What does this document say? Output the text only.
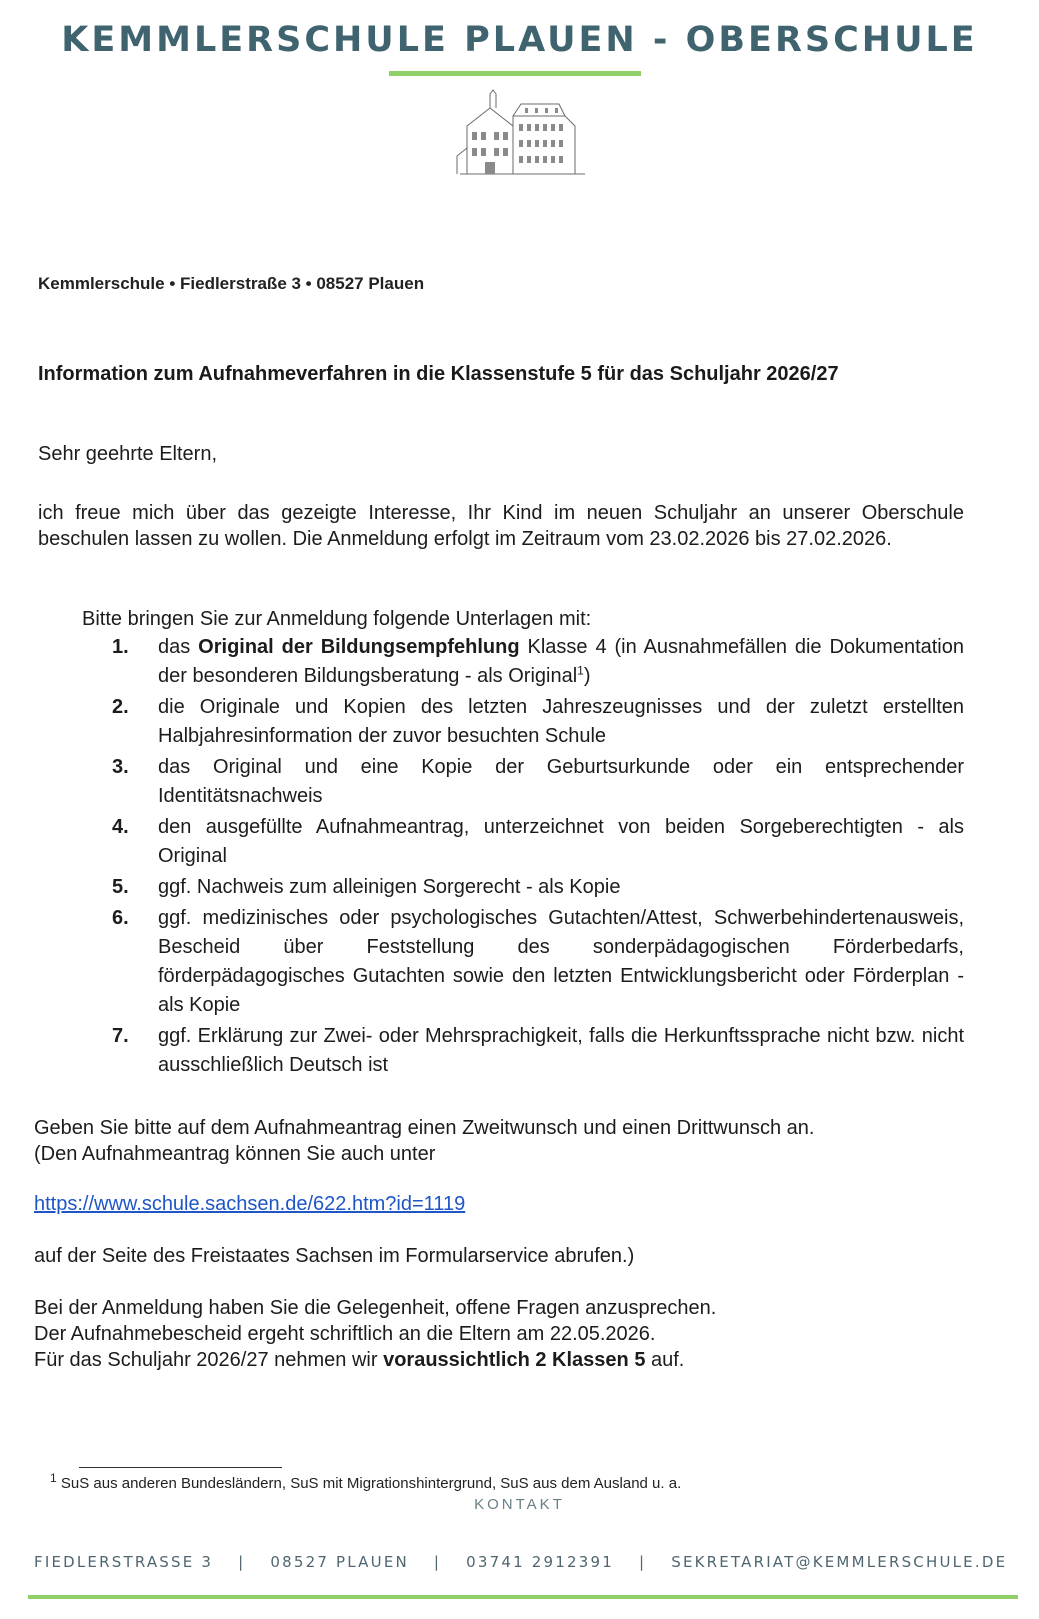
KEMMLERSCHULE PLAUEN - OBERSCHULE
Kemmlerschule • Fiedlerstraße 3 • 08527 Plauen
Information zum Aufnahmeverfahren in die Klassenstufe 5 für das Schuljahr 2026/27
Sehr geehrte Eltern,
ich freue mich über das gezeigte Interesse, Ihr Kind im neuen Schuljahr an unserer Oberschule beschulen lassen zu wollen. Die Anmeldung erfolgt im Zeitraum vom 23.02.2026 bis 27.02.2026.
Bitte bringen Sie zur Anmeldung folgende Unterlagen mit:
1. das Original der Bildungsempfehlung Klasse 4 (in Ausnahmefällen die Dokumentation der besonderen Bildungsberatung - als Original$^1$)
2. die Originale und Kopien des letzten Jahreszeugnisses und der zuletzt erstellten Halbjahresinformation der zuvor besuchten Schule
3. das Original und eine Kopie der Geburtsurkunde oder ein entsprechender Identitätsnachweis
4. den ausgefüllte Aufnahmeantrag, unterzeichnet von beiden Sorgeberechtigten - als Original
5. ggf. Nachweis zum alleinigen Sorgerecht - als Kopie
6. ggf. medizinisches oder psychologisches Gutachten/Attest, Schwerbehindertenausweis, Bescheid über Feststellung des sonderpädagogischen Förderbedarfs, förderpädagogisches Gutachten sowie den letzten Entwicklungsbericht oder Förderplan - als Kopie
7. ggf. Erklärung zur Zwei- oder Mehrsprachigkeit, falls die Herkunftssprache nicht bzw. nicht ausschließlich Deutsch ist
Geben Sie bitte auf dem Aufnahmeantrag einen Zweitwunsch und einen Drittwunsch an.
(Den Aufnahmeantrag können Sie auch unter
https://www.schule.sachsen.de/622.htm?id=1119
auf der Seite des Freistaates Sachsen im Formularservice abrufen.)
Bei der Anmeldung haben Sie die Gelegenheit, offene Fragen anzusprechen.
Der Aufnahmebescheid ergeht schriftlich an die Eltern am 22.05.2026.
Für das Schuljahr 2026/27 nehmen wir voraussichtlich 2 Klassen 5 auf.
$^1$ SuS aus anderen Bundesländern, SuS mit Migrationshintergrund, SuS aus dem Ausland u. a.
KONTAKT
FIEDLERSTRASSE 3 | 08527 PLAUEN | 03741 2912391 | SEKRETARIAT@KEMMLERSCHULE.DE
